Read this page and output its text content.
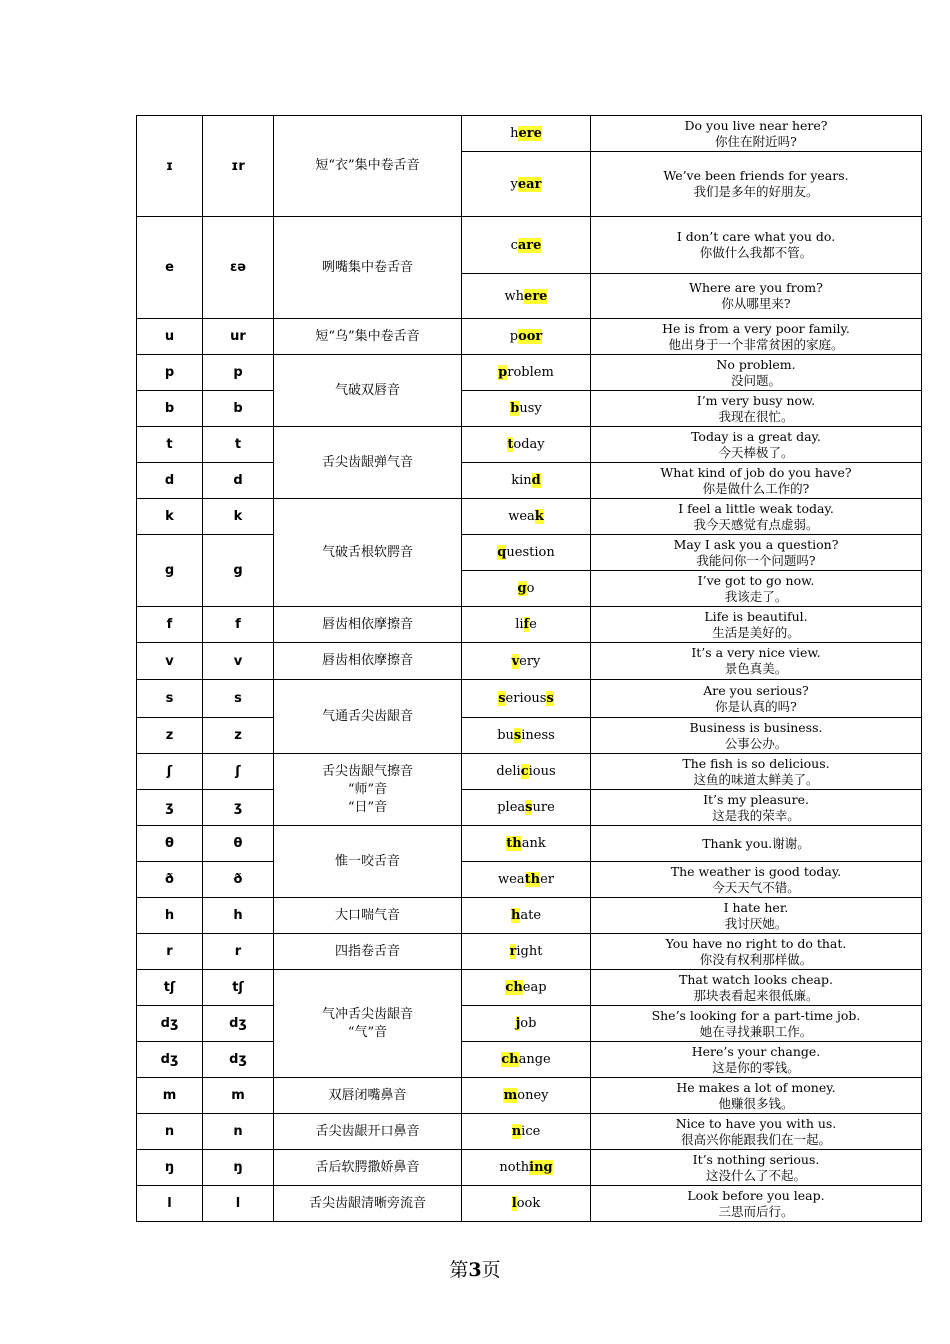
ɪ	ɪr	短“衣”集中卷舌音	here	Do you live near here?
你住在附近吗?

			year	We’ve been friends for years.
我们是多年的好朋友。

e	ɛə	咧嘴集中卷舌音	care	I don’t care what you do.
你做什么我都不管。

			where	Where are you from?
你从哪里来?

u	ur	短“乌”集中卷舌音	poor	He is from a very poor family.
他出身于一个非常贫困的家庭。

p	p	气破双唇音	problem	No problem.
没问题。

b	b		busy	I’m very busy now.
我现在很忙。

t	t	舌尖齿龈弹气音	today	Today is a great day.
今天棒极了。

d	d		kind	What kind of job do you have?
你是做什么工作的?

k	k	气破舌根软腭音	weak	I feel a little weak today.
我今天感觉有点虚弱。

g	g		question	May I ask you a question?
我能问你一个问题吗?

			go	I’ve got to go now.
我该走了。

f	f	唇齿相依摩擦音	life	Life is beautiful.
生活是美好的。

v	v	唇齿相依摩擦音	very	It’s a very nice view.
景色真美。

s	s	气通舌尖齿龈音	seriouss	Are you serious?
你是认真的吗?

z	z		business	Business is business.
公事公办。

ʃ	ʃ	舌尖齿龈气擦音
“师”音
“日”音	delicious	The fish is so delicious.
这鱼的味道太鲜美了。

ʒ	ʒ		pleasure	It’s my pleasure.
这是我的荣幸。

θ	θ	惟一咬舌音	thank	Thank you.谢谢。

ð	ð		weather	The weather is good today.
今天天气不错。

h	h	大口喘气音	hate	I hate her.
我讨厌她。

r	r	四指卷舌音	right	You have no right to do that.
你没有权利那样做。

tʃ	tʃ	气冲舌尖齿龈音
“气”音	cheap	That watch looks cheap.
那块表看起来很低廉。

dʒ	dʒ		job	She’s looking for a part-time job.
她在寻找兼职工作。

dʒ	dʒ		change	Here’s your change.
这是你的零钱。

m	m	双唇闭嘴鼻音	money	He makes a lot of money.
他赚很多钱。

n	n	舌尖齿龈开口鼻音	nice	Nice to have you with us.
很高兴你能跟我们在一起。

ŋ	ŋ	舌后软腭撒娇鼻音	nothing	It’s nothing serious.
这没什么了不起。

l	l	舌尖齿龈清晰旁流音	look	Look before you leap.
三思而后行。
第3页
